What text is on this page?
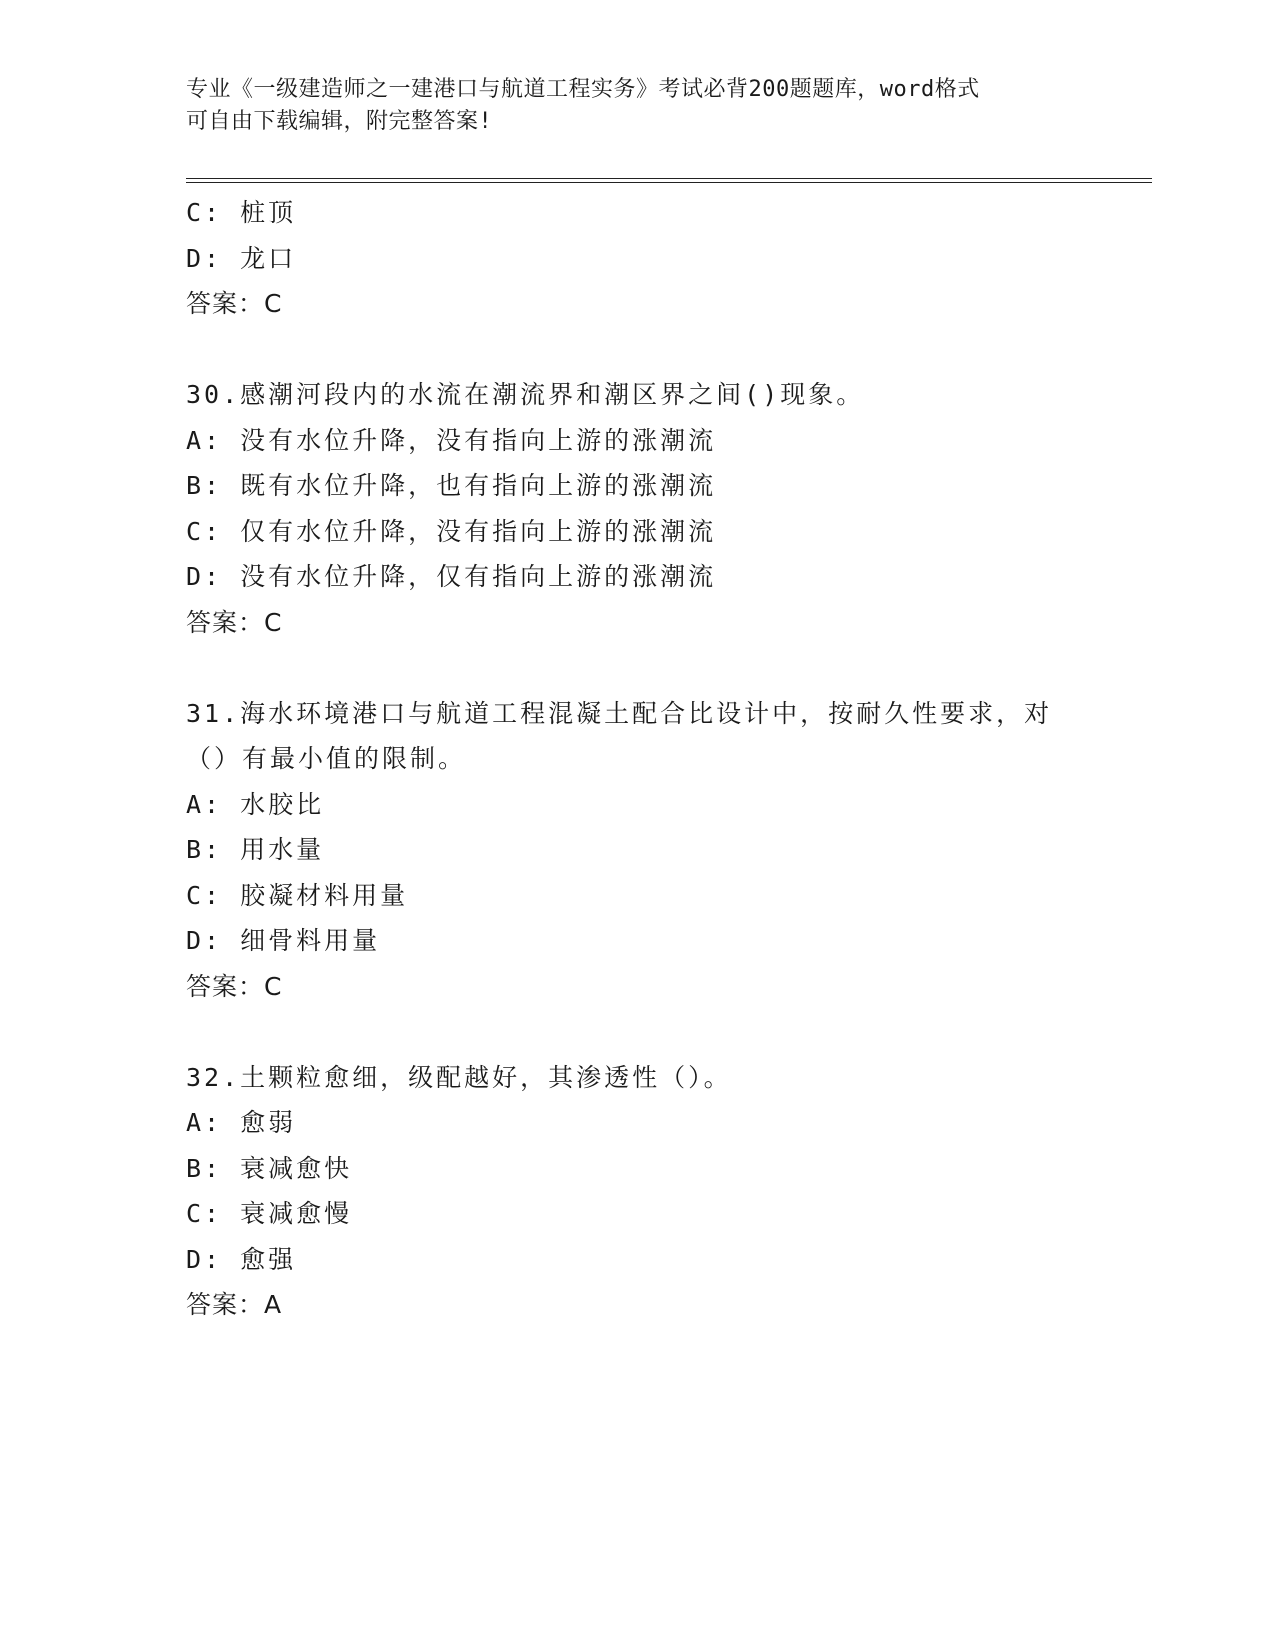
专业《一级建造师之一建港口与航道工程实务》考试必背200题题库，word格式
可自由下载编辑，附完整答案!
C: 桩顶
D: 龙口
答案：C
30.感潮河段内的水流在潮流界和潮区界之间()现象。
A: 没有水位升降，没有指向上游的涨潮流
B: 既有水位升降，也有指向上游的涨潮流
C: 仅有水位升降，没有指向上游的涨潮流
D: 没有水位升降，仅有指向上游的涨潮流
答案：C
31.海水环境港口与航道工程混凝土配合比设计中，按耐久性要求，对
（）有最小值的限制。
A: 水胶比
B: 用水量
C: 胶凝材料用量
D: 细骨料用量
答案：C
32.土颗粒愈细，级配越好，其渗透性（）。
A: 愈弱
B: 衰减愈快
C: 衰减愈慢
D: 愈强
答案：A
